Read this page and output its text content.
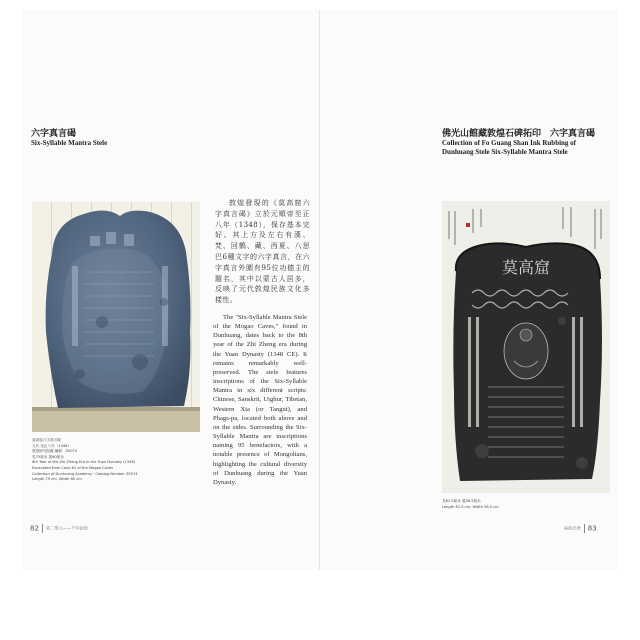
六字真言碣
Six-Syllable Mantra Stele
莫高窟六字真言碣
元代 至正八年（1348）
敦煌研究院藏 編號：Z0074
長75厘米 寬60厘米
6th Year of the Zhi Zheng Era in the Yuan Dynasty (1348)
Excavated from Cave 61 of the Mogao Caves
Collection of Dunhuang Academy · Catalog Number Z0074
Length 75 cm, Width 60 cm
敦煌發現的《莫高窟六字真言碣》立於元順帝至正八年（1348），保存基本完好。其上方及左右有漢、梵、回鶻、藏、西夏、八思巴6種文字的六字真言，在六字真言外圍有95位功德主的題名，其中以蒙古人居多，反映了元代敦煌民族文化多樣性。
The "Six-Syllable Mantra Stele of the Mogao Caves," found in Dunhuang, dates back to the 8th year of the Zhi Zheng era during the Yuan Dynasty (1348 CE). It remains remarkably well-preserved. The stele features inscriptions of the Six-Syllable Mantra in six different scripts: Chinese, Sanskrit, Uighur, Tibetan, Western Xia (or Tangut), and Phags-pa, located both above and on the sides. Surrounding the Six-Syllable Mantra are inscriptions naming 95 benefactors, with a notable presence of Mongolians, highlighting the cultural diversity of Dunhuang during the Yuan Dynasty.
82 第二單元——千年敦煌
佛光山館藏敦煌石碑拓印　六字真言碣
Collection of Fo Guang Shan Ink Rubbing of
Dunhuang Stele Six-Syllable Mantra Stele
莫高窟
長81.5厘米 寬58.5厘米
Length 81.5 cm, Width 58.5 cm
絲路光華 83
